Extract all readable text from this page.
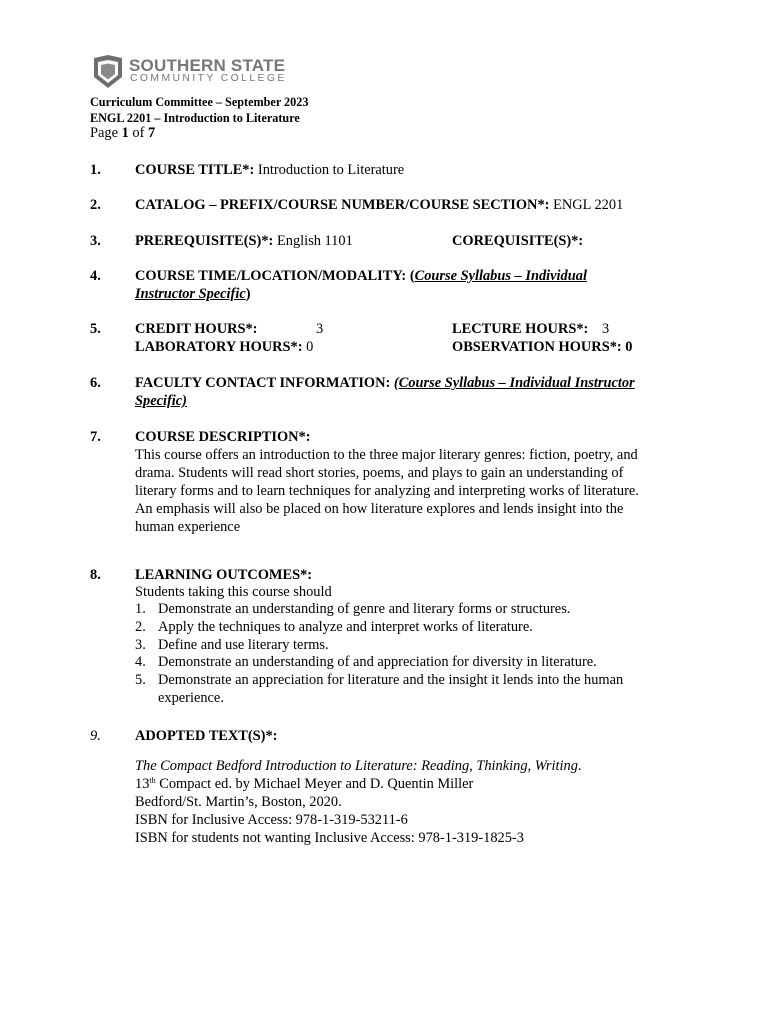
SOUTHERN STATE
COMMUNITY COLLEGE
Curriculum Committee – September 2023
ENGL 2201 – Introduction to Literature
Page 1 of 7
1. COURSE TITLE*: Introduction to Literature
2. CATALOG – PREFIX/COURSE NUMBER/COURSE SECTION*: ENGL 2201
3. PREREQUISITE(S)*: English 1101	COREQUISITE(S)*:
4. COURSE TIME/LOCATION/MODALITY: (Course Syllabus – Individual
Instructor Specific)
5. CREDIT HOURS*:	3	LECTURE HOURS*: 3
LABORATORY HOURS*: 0	OBSERVATION HOURS*: 0
6. FACULTY CONTACT INFORMATION: (Course Syllabus – Individual Instructor
Specific)
7. COURSE DESCRIPTION*:
This course offers an introduction to the three major literary genres: fiction, poetry, and
drama. Students will read short stories, poems, and plays to gain an understanding of
literary forms and to learn techniques for analyzing and interpreting works of literature.
An emphasis will also be placed on how literature explores and lends insight into the
human experience
8. LEARNING OUTCOMES*:
Students taking this course should
1. Demonstrate an understanding of genre and literary forms or structures.
2. Apply the techniques to analyze and interpret works of literature.
3. Define and use literary terms.
4. Demonstrate an understanding of and appreciation for diversity in literature.
5. Demonstrate an appreciation for literature and the insight it lends into the human experience.
9. ADOPTED TEXT(S)*:
The Compact Bedford Introduction to Literature: Reading, Thinking, Writing.
13th Compact ed. by Michael Meyer and D. Quentin Miller
Bedford/St. Martin’s, Boston, 2020.
ISBN for Inclusive Access: 978-1-319-53211-6
ISBN for students not wanting Inclusive Access: 978-1-319-1825-3
